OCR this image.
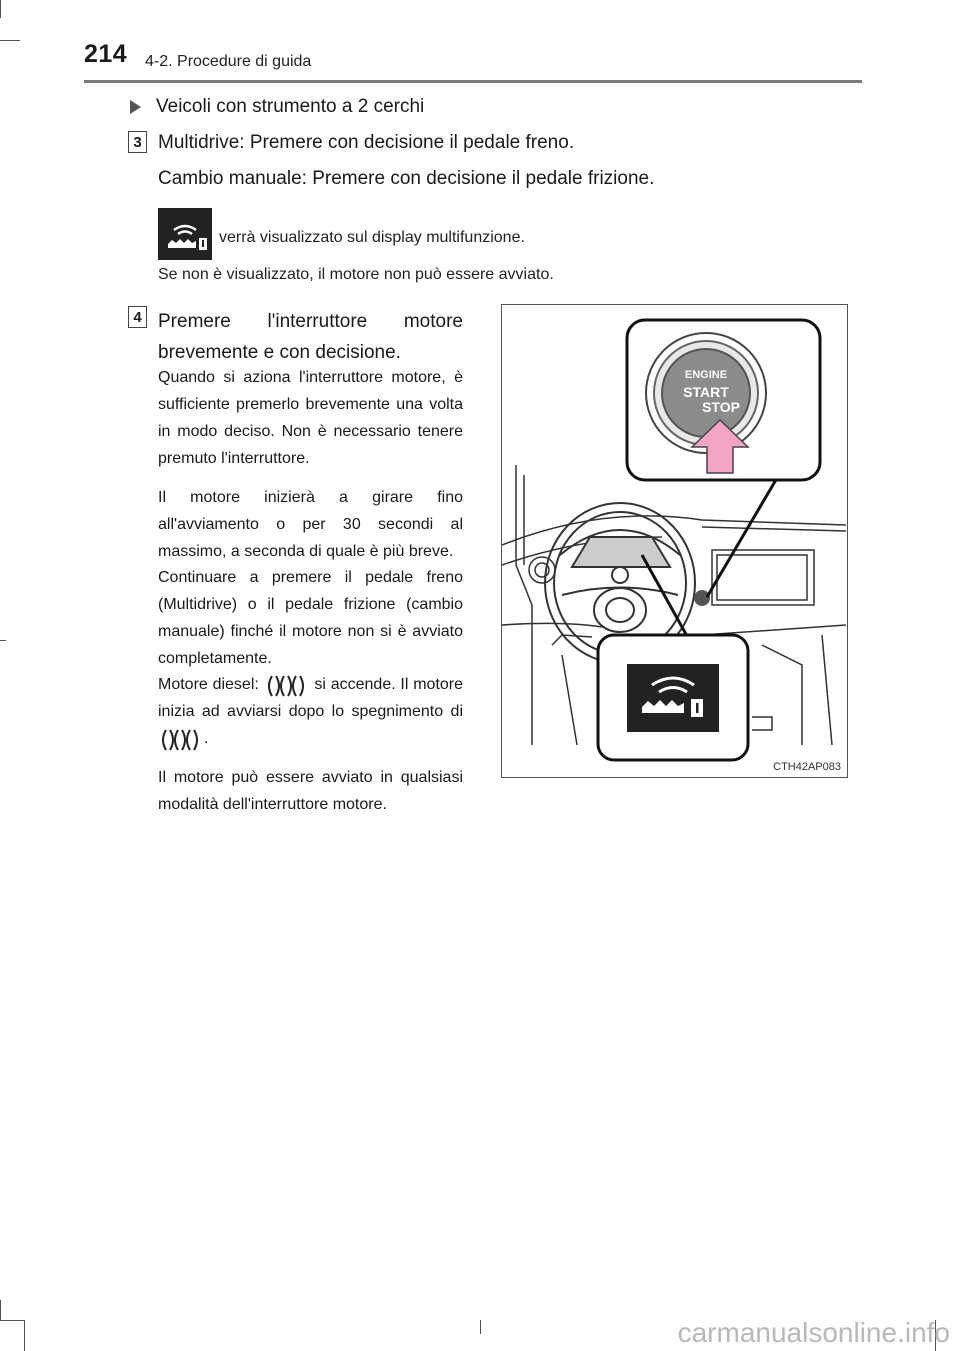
214 4-2. Procedure di guida
Veicoli con strumento a 2 cerchi
3 Multidrive: Premere con decisione il pedale freno.
Cambio manuale: Premere con decisione il pedale frizione.
verrà visualizzato sul display multifunzione.
Se non è visualizzato, il motore non può essere avviato.
4 Premere l'interruttore motore brevemente e con decisione.
Quando si aziona l'interruttore motore, è sufficiente premerlo brevemente una volta in modo deciso. Non è necessario tenere premuto l'interruttore.
Il motore inizierà a girare fino all'avviamento o per 30 secondi al massimo, a seconda di quale è più breve.
Continuare a premere il pedale freno (Multidrive) o il pedale frizione (cambio manuale) finché il motore non si è avviato completamente.
Motore diesel:	si accende. Il motore inizia ad avviarsi dopo lo spegnimento di .
Il motore può essere avviato in qualsiasi modalità dell'interruttore motore.
ENGINE
START
STOP
CTH42AP083
carmanualsonline.info
